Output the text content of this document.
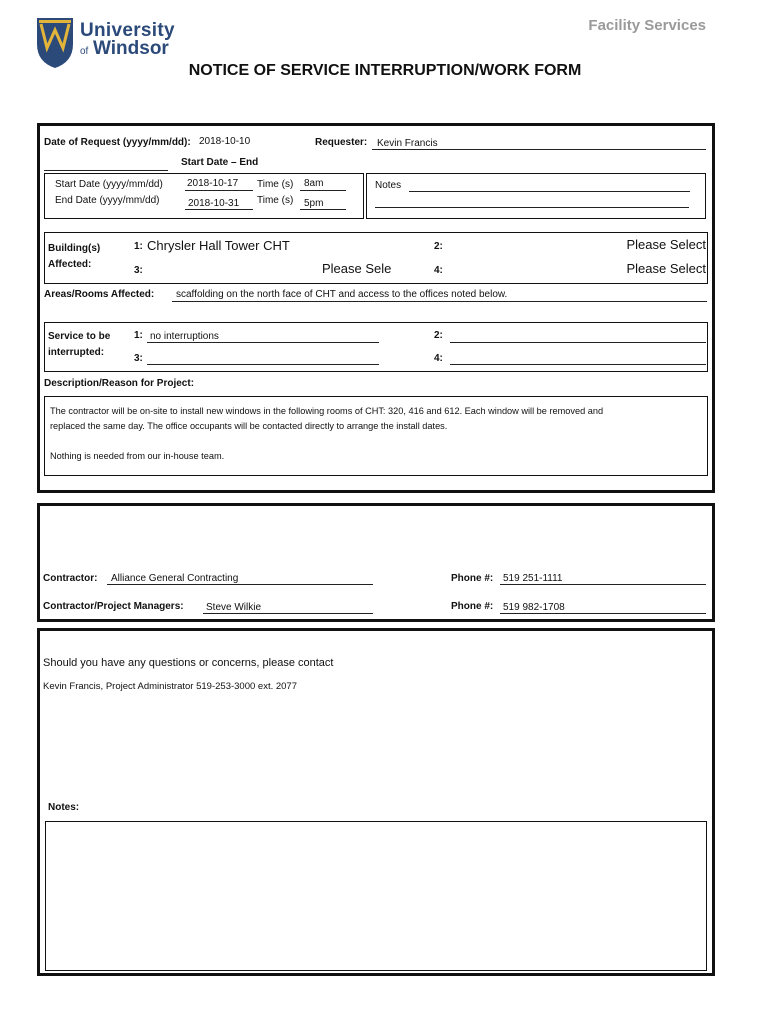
University
of Windsor
Facility Services
NOTICE OF SERVICE INTERRUPTION/WORK FORM
Date of Request (yyyy/mm/dd): 2018-10-10	Requester: Kevin Francis
Start Date – End
Start Date (yyyy/mm/dd) 2018-10-17 Time (s) 8am
End Date (yyyy/mm/dd)	2018-10-31 Time (s) 5pm
Notes
Building(s)
Affected:
1: Chrysler Hall Tower CHT	2:	Please Select
3:	Please Sele	4:	Please Select
Areas/Rooms Affected: scaffolding on the north face of CHT and access to the offices noted below.
Service to be
interrupted:
1: no interruptions	2:
3:	4:
Description/Reason for Project:
The contractor will be on-site to install new windows in the following rooms of CHT: 320, 416 and 612. Each window will be removed and
replaced the same day. The office occupants will be contacted directly to arrange the install dates.
Nothing is needed from our in-house team.
Contractor: Alliance General Contracting	Phone #: 519 251-1111
Contractor/Project Managers: Steve Wilkie	Phone #: 519 982-1708
Should you have any questions or concerns, please contact
Kevin Francis, Project Administrator 519-253-3000 ext. 2077
Notes:
